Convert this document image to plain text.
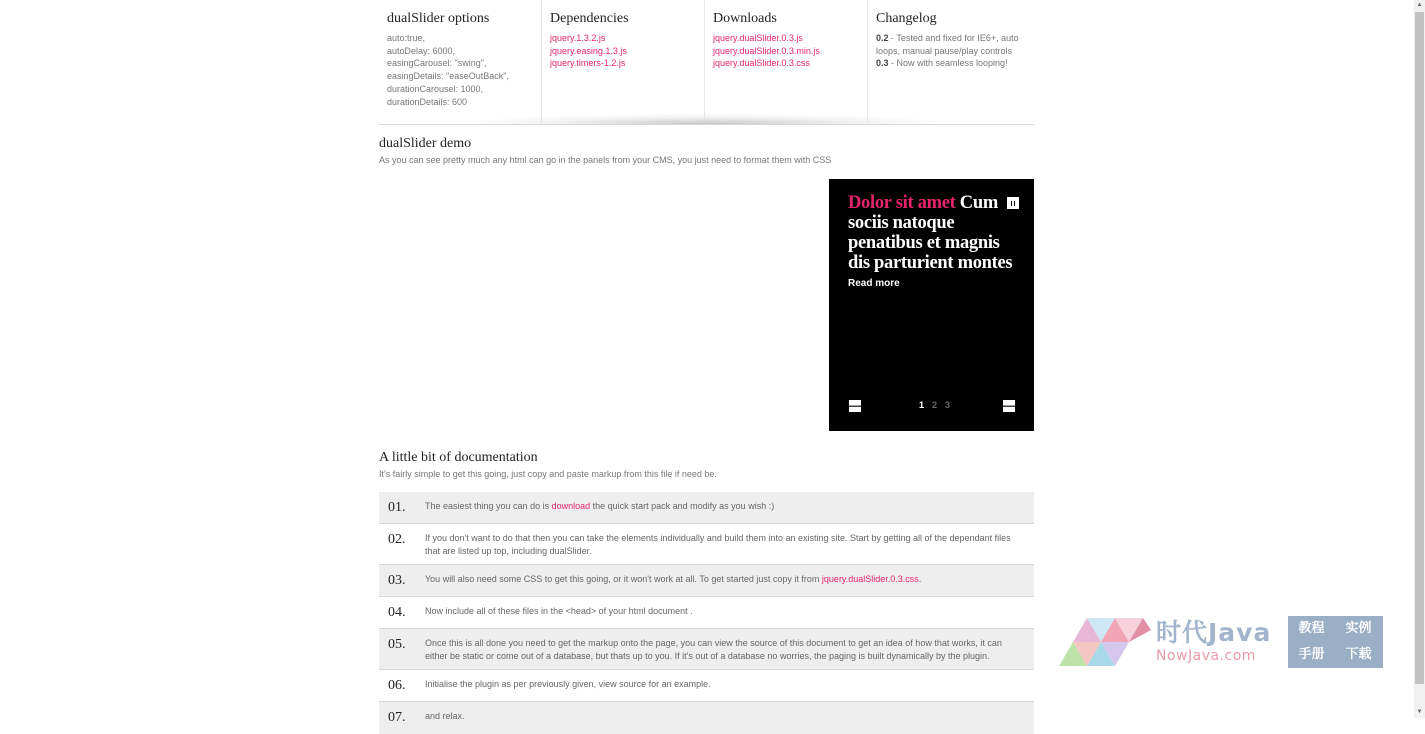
dualSlider options
auto:true,
autoDelay: 6000,
easingCarousel: "swing",
easingDetails: "easeOutBack",
durationCarousel: 1000,
durationDetails: 600
Dependencies
jquery.1.3.2.js
jquery.easing.1.3.js
jquery.timers-1.2.js
Downloads
jquery.dualSlider.0.3.js
jquery.dualSlider.0.3.min.js
jquery.dualSlider.0.3.css
Changelog
0.2 - Tested and fixed for IE6+, auto loops, manual pause/play controls
0.3 - Now with seamless looping!
dualSlider demo
As you can see pretty much any html can go in the panels from your CMS, you just need to format them with CSS
Dolor sit amet Cum sociis natoque penatibus et magnis dis parturient montes
Read more
🡐	1 2 3	🡒
A little bit of documentation
It's fairly simple to get this going, just copy and paste markup from this file if need be.
01.	The easiest thing you can do is download the quick start pack and modify as you wish :)
02.	If you don't want to do that then you can take the elements individually and build them into an existing site. Start by getting all of the dependant files that are listed up top, including dualSlider.
03.	You will also need some CSS to get this going, or it won't work at all. To get started just copy it from jquery.dualSlider.0.3.css.
04.	Now include all of these files in the <head> of your html document .
05.	Once this is all done you need to get the markup onto the page, you can view the source of this document to get an idea of how that works, it can either be static or come out of a database, but thats up to you. If it's out of a database no worries, the paging is built dynamically by the plugin.
06.	Initialise the plugin as per previously given, view source for an example.
07.	and relax.
时代Java
NowJava.com
教程	实例
手册	下载
▲
▼
